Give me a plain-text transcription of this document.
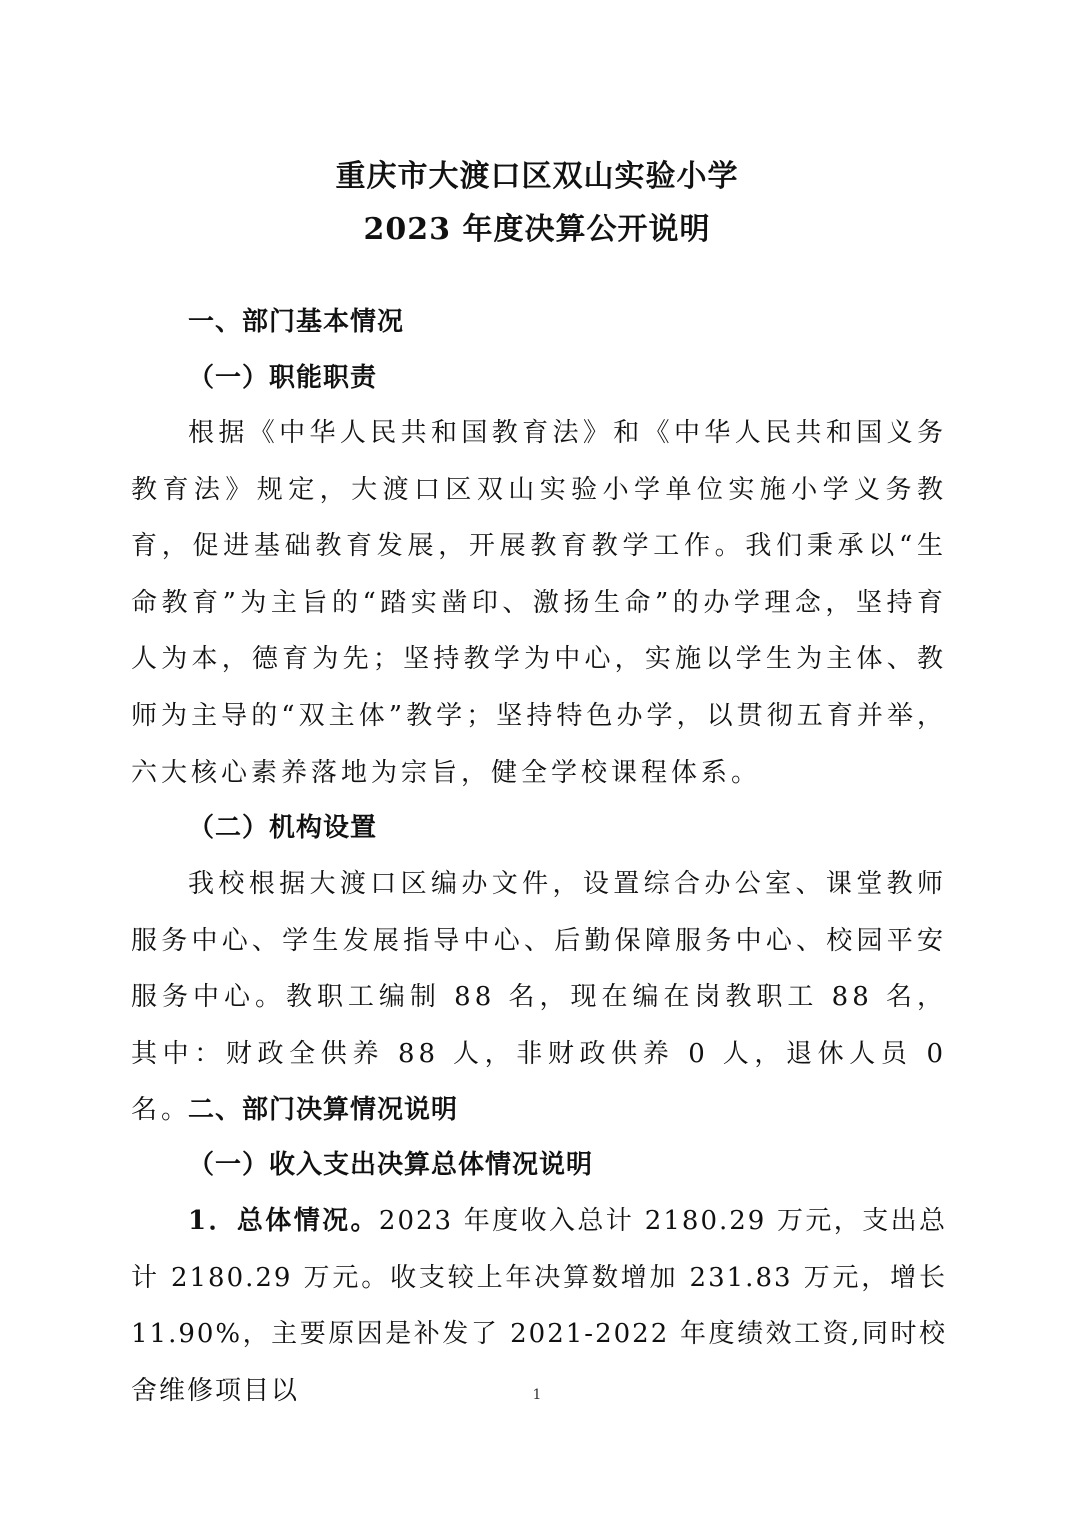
重庆市大渡口区双山实验小学
2023 年度决算公开说明
一、部门基本情况
（一）职能职责
根据《中华人民共和国教育法》和《中华人民共和国义务教育法》规定，大渡口区双山实验小学单位实施小学义务教育，促进基础教育发展，开展教育教学工作。我们秉承以“生命教育”为主旨的“踏实凿印、激扬生命”的办学理念，坚持育人为本，德育为先；坚持教学为中心，实施以学生为主体、教师为主导的“双主体”教学；坚持特色办学，以贯彻五育并举，六大核心素养落地为宗旨，健全学校课程体系。
（二）机构设置
我校根据大渡口区编办文件，设置综合办公室、课堂教师服务中心、学生发展指导中心、后勤保障服务中心、校园平安服务中心。教职工编制 88 名，现在编在岗教职工 88 名，其中：财政全供养 88 人，非财政供养 0 人，退休人员 0 名。
二、部门决算情况说明
（一）收入支出决算总体情况说明
1．总体情况。2023 年度收入总计 2180.29 万元，支出总计 2180.29 万元。收支较上年决算数增加 231.83 万元，增长 11.90%，主要原因是补发了 2021-2022 年度绩效工资,同时校舍维修项目以	1
